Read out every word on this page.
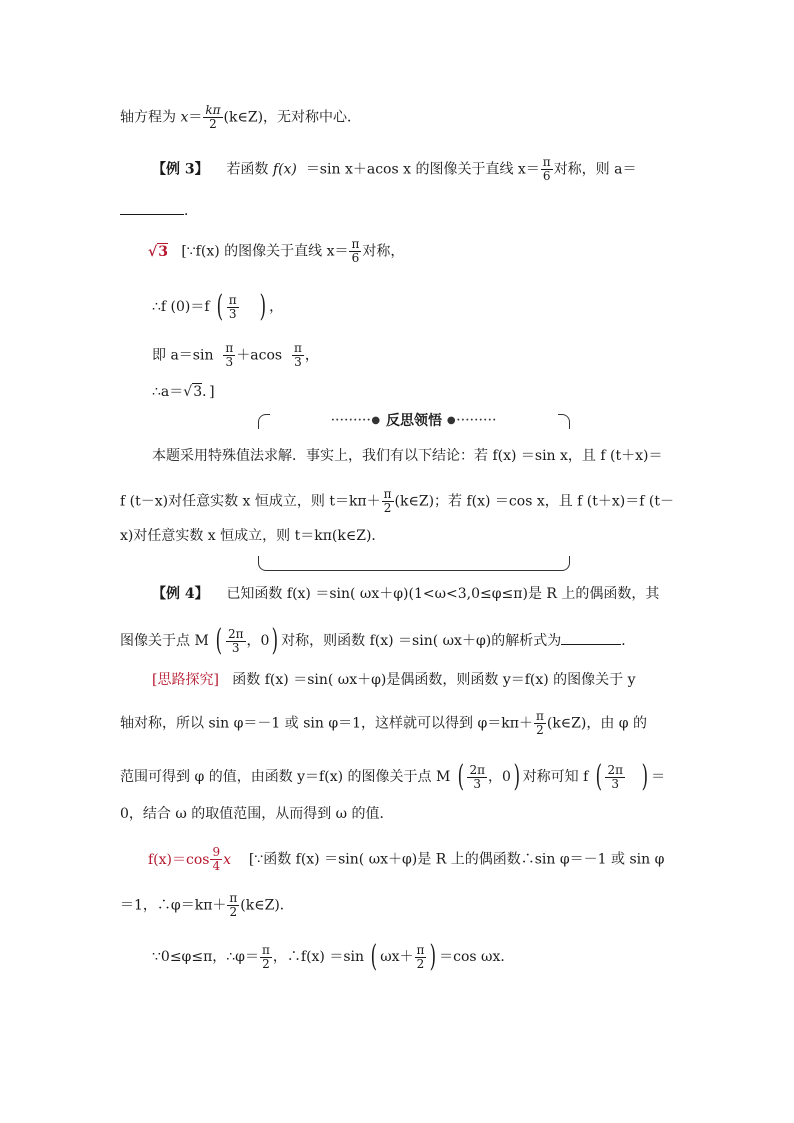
轴方程为 $x= \frac{k\pi}{2}$ (k∈Z)，无对称中心．
【例 3】 若函数 f(x) ＝sin x＋acos x 的图像关于直线 $x= \frac{\pi}{6}$ 对称，则 a＝
．
√3 [∵f(x) 的图像关于直线 $x= \frac{\pi}{6}$ 对称，
∴f (0)＝f ( $\frac{\pi}{3}$ ) ，
即 $a=\sin \frac{\pi}{3} +acos \frac{\pi}{3}$ ，
∴a＝√3．]
·········● 反思领悟 ●·········
本题采用特殊值法求解．事实上，我们有以下结论：若 f(x) ＝sin x，且 f (t＋x)＝
f (t－x)对任意实数 x 恒成立，则 $t=k\pi+ \frac{\pi}{2}$ (k∈Z)；若 f(x) ＝cos x，且 f (t＋x)＝f (t－
x)对任意实数 x 恒成立，则 t＝kπ(k∈Z)．
【例 4】 已知函数 f(x) ＝sin( ωx＋φ)(1<ω<3,0≤φ≤π)是 R 上的偶函数，其
图像关于点 M ( $\frac{2\pi}{3}$ ，0) 对称，则函数 f(x) ＝sin( ωx＋φ)的解析式为	．
[思路探究] 函数 f(x) ＝sin( ωx＋φ)是偶函数，则函数 y＝f(x) 的图像关于 y
轴对称，所以 sin φ＝－1 或 sin φ＝1，这样就可以得到 $\varphi=k\pi+ \frac{\pi}{2}$ (k∈Z)，由 φ 的
范围可得到 φ 的值，由函数 y＝f(x) 的图像关于点 M ( $\frac{2\pi}{3}$ ，0) 对称可知 f ( $\frac{2\pi}{3}$ ) ＝
0，结合 ω 的取值范围，从而得到 ω 的值．
$f(x)=\cos \frac{9}{4}$ x [∵函数 f(x) ＝sin( ωx＋φ)是 R 上的偶函数∴sin φ＝－1 或 sin φ
＝1，∴φ＝kπ＋ $\frac{\pi}{2}$ (k∈Z)．
∵0≤φ≤π，∴φ＝ $\frac{\pi}{2}$ ，∴f(x) ＝sin ( $\omega x+ \frac{\pi}{2}$ ) ＝cos ωx．
